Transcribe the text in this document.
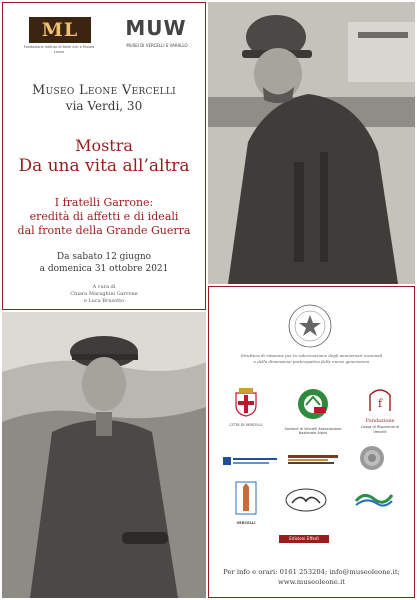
ML
Fondazione Istituto di Belle Arti e Museo Leone
MUW
MUSEI DI VERCELLI E VARALLO
Museo Leone Vercelli
via Verdi, 30
Mostra
Da una vita all’altra
I fratelli Garrone:
eredità di affetti e di ideali
dal fronte della Grande Guerra
Da sabato 12 giugno
a domenica 31 ottobre 2021
A cura di
Chiara Maraghini Garrone
e Luca Brusotto
Struttura di missione per la valorizzazione degli anniversari nazionali
e della dimensione partecipativa delle nuove generazioni
CITTÀ DI VERCELLI
Sezione di Vercelli Associazione Nazionale Alpini
f
Fondazione
Cassa di Risparmio di Vercelli
VERCELLI
Edizioni Effedì
Per info e orari: 0161 253204; info@museoleone.it;
www.museoleone.it
